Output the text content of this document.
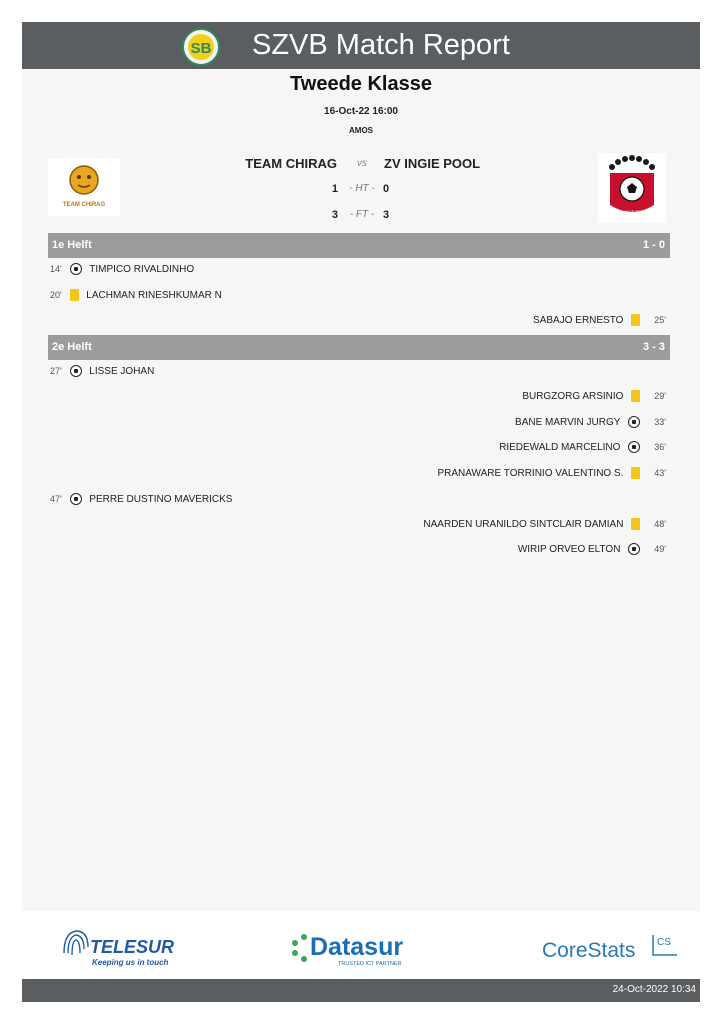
SB SZVB Match Report
Tweede Klasse
16-Oct-22 16:00
AMOS
TEAM CHIRAG
TEAM CHIRAG	vs	ZV INGIE POOL
ZV INGIE POOL
1	- HT - 0
3	- FT - 3
1e Helft	1 - 0
14'	TIMPICO RIVALDINHO
20' LACHMAN RINESHKUMAR N
SABAJO ERNESTO	25'
2e Helft	3 - 3
27'	LISSE JOHAN
BURGZORG ARSINIO	29'
BANE MARVIN JURGY	33'
RIEDEWALD MARCELINO	36'
PRANAWARE TORRINIO VALENTINO S.	43'
47'	PERRE DUSTINO MAVERICKS
NAARDEN URANILDO SINTCLAIR DAMIAN	48'
WIRIP ORVEO ELTON	49'
TELESUR
Keeping us in touch
Datasur
TRUSTED ICT PARTNER
CoreStats CS
24-Oct-2022 10:34
